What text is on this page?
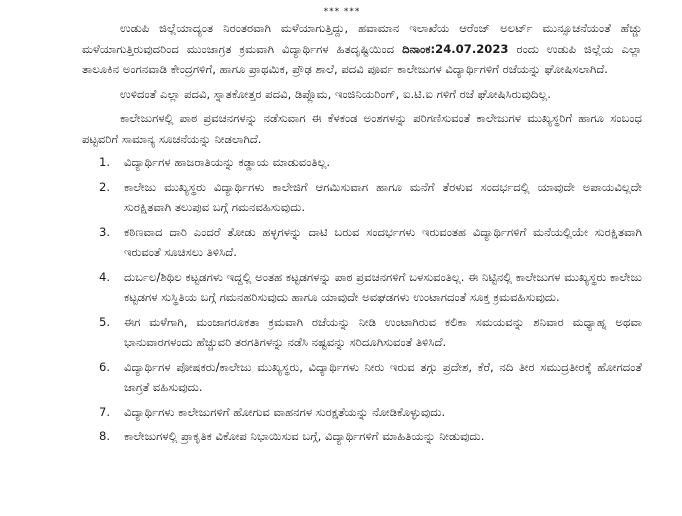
*** ***

ಉಡುಪಿ ಜಿಲ್ಲೆಯಾದ್ಯಂತ ನಿರಂತರವಾಗಿ ಮಳೆಯಾಗುತ್ತಿದ್ದು, ಹವಾಮಾನ ಇಲಾಖೆಯ ಆರೆಂಜ್ ಅಲರ್ಟ್ ಮುನ್ಸೂಚನೆಯಂತೆ ಹೆಚ್ಚು ಮಳೆಯಾಗುತ್ತಿರುವುದರಿಂದ ಮುಂಜಾಗ್ರತ ಕ್ರಮವಾಗಿ ವಿದ್ಯಾರ್ಥಿಗಳ ಹಿತದೃಷ್ಟಿಯಿಂದ ದಿನಾಂಕ:24.07.2023 ರಂದು ಉಡುಪಿ ಜಿಲ್ಲೆಯ ಎಲ್ಲಾ ತಾಲೂಕಿನ ಅಂಗನವಾಡಿ ಕೇಂದ್ರಗಳಿಗೆ, ಹಾಗೂ ಪ್ರಾಥಮಿಕ, ಪ್ರೌಢ ಶಾಲೆ, ಪದವಿ ಪೂರ್ವ ಕಾಲೇಜುಗಳ ವಿದ್ಯಾರ್ಥಿಗಳಿಗೆ ರಜೆಯನ್ನು ಘೋಷಿಸಲಾಗಿದೆ.

ಉಳಿದಂತೆ ಎಲ್ಲಾ ಪದವಿ, ಸ್ನಾತಕೋತ್ತರ ಪದವಿ, ಡಿಪ್ಲೊಮ, ಇಂಜಿನಿಯರಿಂಗ್, ಐ.ಟಿ.ಐ ಗಳಿಗೆ ರಜೆ ಘೋಷಿಸಿರುವುದಿಲ್ಲ.

ಕಾಲೇಜುಗಳಲ್ಲಿ ಪಾಠ ಪ್ರವಚನಗಳನ್ನು ನಡೆಸುವಾಗ ಈ ಕೆಳಕಂಡ ಅಂಶಗಳನ್ನು ಪರಿಗಣಿಸುವಂತೆ ಕಾಲೇಜುಗಳ ಮುಖ್ಯಸ್ಥರಿಗೆ ಹಾಗೂ ಸಂಬಂಧ ಪಟ್ಟವರಿಗೆ ಸಾಮಾನ್ಯ ಸೂಚನೆಯನ್ನು ನೀಡಲಾಗಿದೆ.

1.	ವಿದ್ಯಾರ್ಥಿಗಳ ಹಾಜರಾತಿಯನ್ನು ಕಡ್ಡಾಯ ಮಾಡುವಂತಿಲ್ಲ.
2.	ಕಾಲೇಜು ಮುಖ್ಯಸ್ಥರು ವಿದ್ಯಾರ್ಥಿಗಳು ಕಾಲೇಜಿಗೆ ಆಗಮಿಸುವಾಗ ಹಾಗೂ ಮನೆಗೆ ತೆರಳುವ ಸಂದರ್ಭದಲ್ಲಿ ಯಾವುದೇ ಅಪಾಯವಿಲ್ಲದೇ ಸುರಕ್ಷಿತವಾಗಿ ತಲುಪುವ ಬಗ್ಗೆ ಗಮನವಹಿಸುವುದು.
3.	ಕಠಿಣವಾದ ದಾರಿ ಎಂದರೆ ತೋಡು ಹಳ್ಳಗಳನ್ನು ದಾಟಿ ಬರುವ ಸಂದರ್ಭಗಳು ಇರುವಂತಹ ವಿದ್ಯಾರ್ಥಿಗಳಿಗೆ ಮನೆಯಲ್ಲಿಯೇ ಸುರಕ್ಷಿತವಾಗಿ ಇರುವಂತೆ ಸೂಚಿಸಲು ತಿಳಿಸಿದೆ.
4.	ದುರ್ಬಲ/ಶಿಥಿಲ ಕಟ್ಟಡಗಳು ಇದ್ದಲ್ಲಿ ಅಂತಹ ಕಟ್ಟಡಗಳನ್ನು ಪಾಠ ಪ್ರವಚನಗಳಿಗೆ ಬಳಸುವಂತಿಲ್ಲ. ಈ ನಿಟ್ಟಿನಲ್ಲಿ ಕಾಲೇಜುಗಳ ಮುಖ್ಯಸ್ಥರು ಕಾಲೇಜು ಕಟ್ಟಡಗಳ ಸುಸ್ಥಿತಿಯ ಬಗ್ಗೆ ಗಮನಹರಿಸುವುದು ಹಾಗೂ ಯಾವುದೇ ಅವಘಡಗಳು ಉಂಟಾಗದಂತೆ ಸೂಕ್ತ ಕ್ರಮವಹಿಸುವುದು.
5.	ಈಗ ಮಳೆಗಾಗಿ, ಮಂಜಾಗರೂಕತಾ ಕ್ರಮವಾಗಿ ರಜೆಯನ್ನು ನೀಡಿ ಉಂಟಾಗಿರುವ ಕಲಿಕಾ ಸಮಯವನ್ನು ಶನಿವಾರ ಮಧ್ಯಾಹ್ನ ಅಥವಾ ಭಾನುವಾರಗಳಂದು ಹೆಚ್ಚುವರಿ ತರಗತಿಗಳನ್ನು ನಡೆಸಿ ನಷ್ಟವನ್ನು ಸರಿದೂಗಿಸುವಂತೆ ತಿಳಿಸಿದೆ.
6.	ವಿದ್ಯಾರ್ಥಿಗಳ ಪೋಷಕರು/ಕಾಲೇಜು ಮುಖ್ಯಸ್ಥರು, ವಿದ್ಯಾರ್ಥಿಗಳು ನೀರು ಇರುವ ತಗ್ಗು ಪ್ರದೇಶ, ಕೆರೆ, ನದಿ ತೀರ ಸಮುದ್ರತೀರಕ್ಕೆ ಹೋಗದಂತೆ ಜಾಗ್ರತೆ ವಹಿಸುವುದು.
7.	ವಿದ್ಯಾರ್ಥಿಗಳು ಕಾಲೇಜುಗಳಿಗೆ ಹೋಗುವ ವಾಹನಗಳ ಸುರಕ್ಷತೆಯನ್ನು ನೋಡಿಕೊಳ್ಳುವುದು.
8.	ಕಾಲೇಜುಗಳಲ್ಲಿ ಪ್ರಾಕೃತಿಕ ವಿಕೋಪ ನಿಭಾಯಿಸುವ ಬಗ್ಗೆ, ವಿದ್ಯಾರ್ಥಿಗಳಿಗೆ ಮಾಹಿತಿಯನ್ನು ನೀಡುವುದು.
